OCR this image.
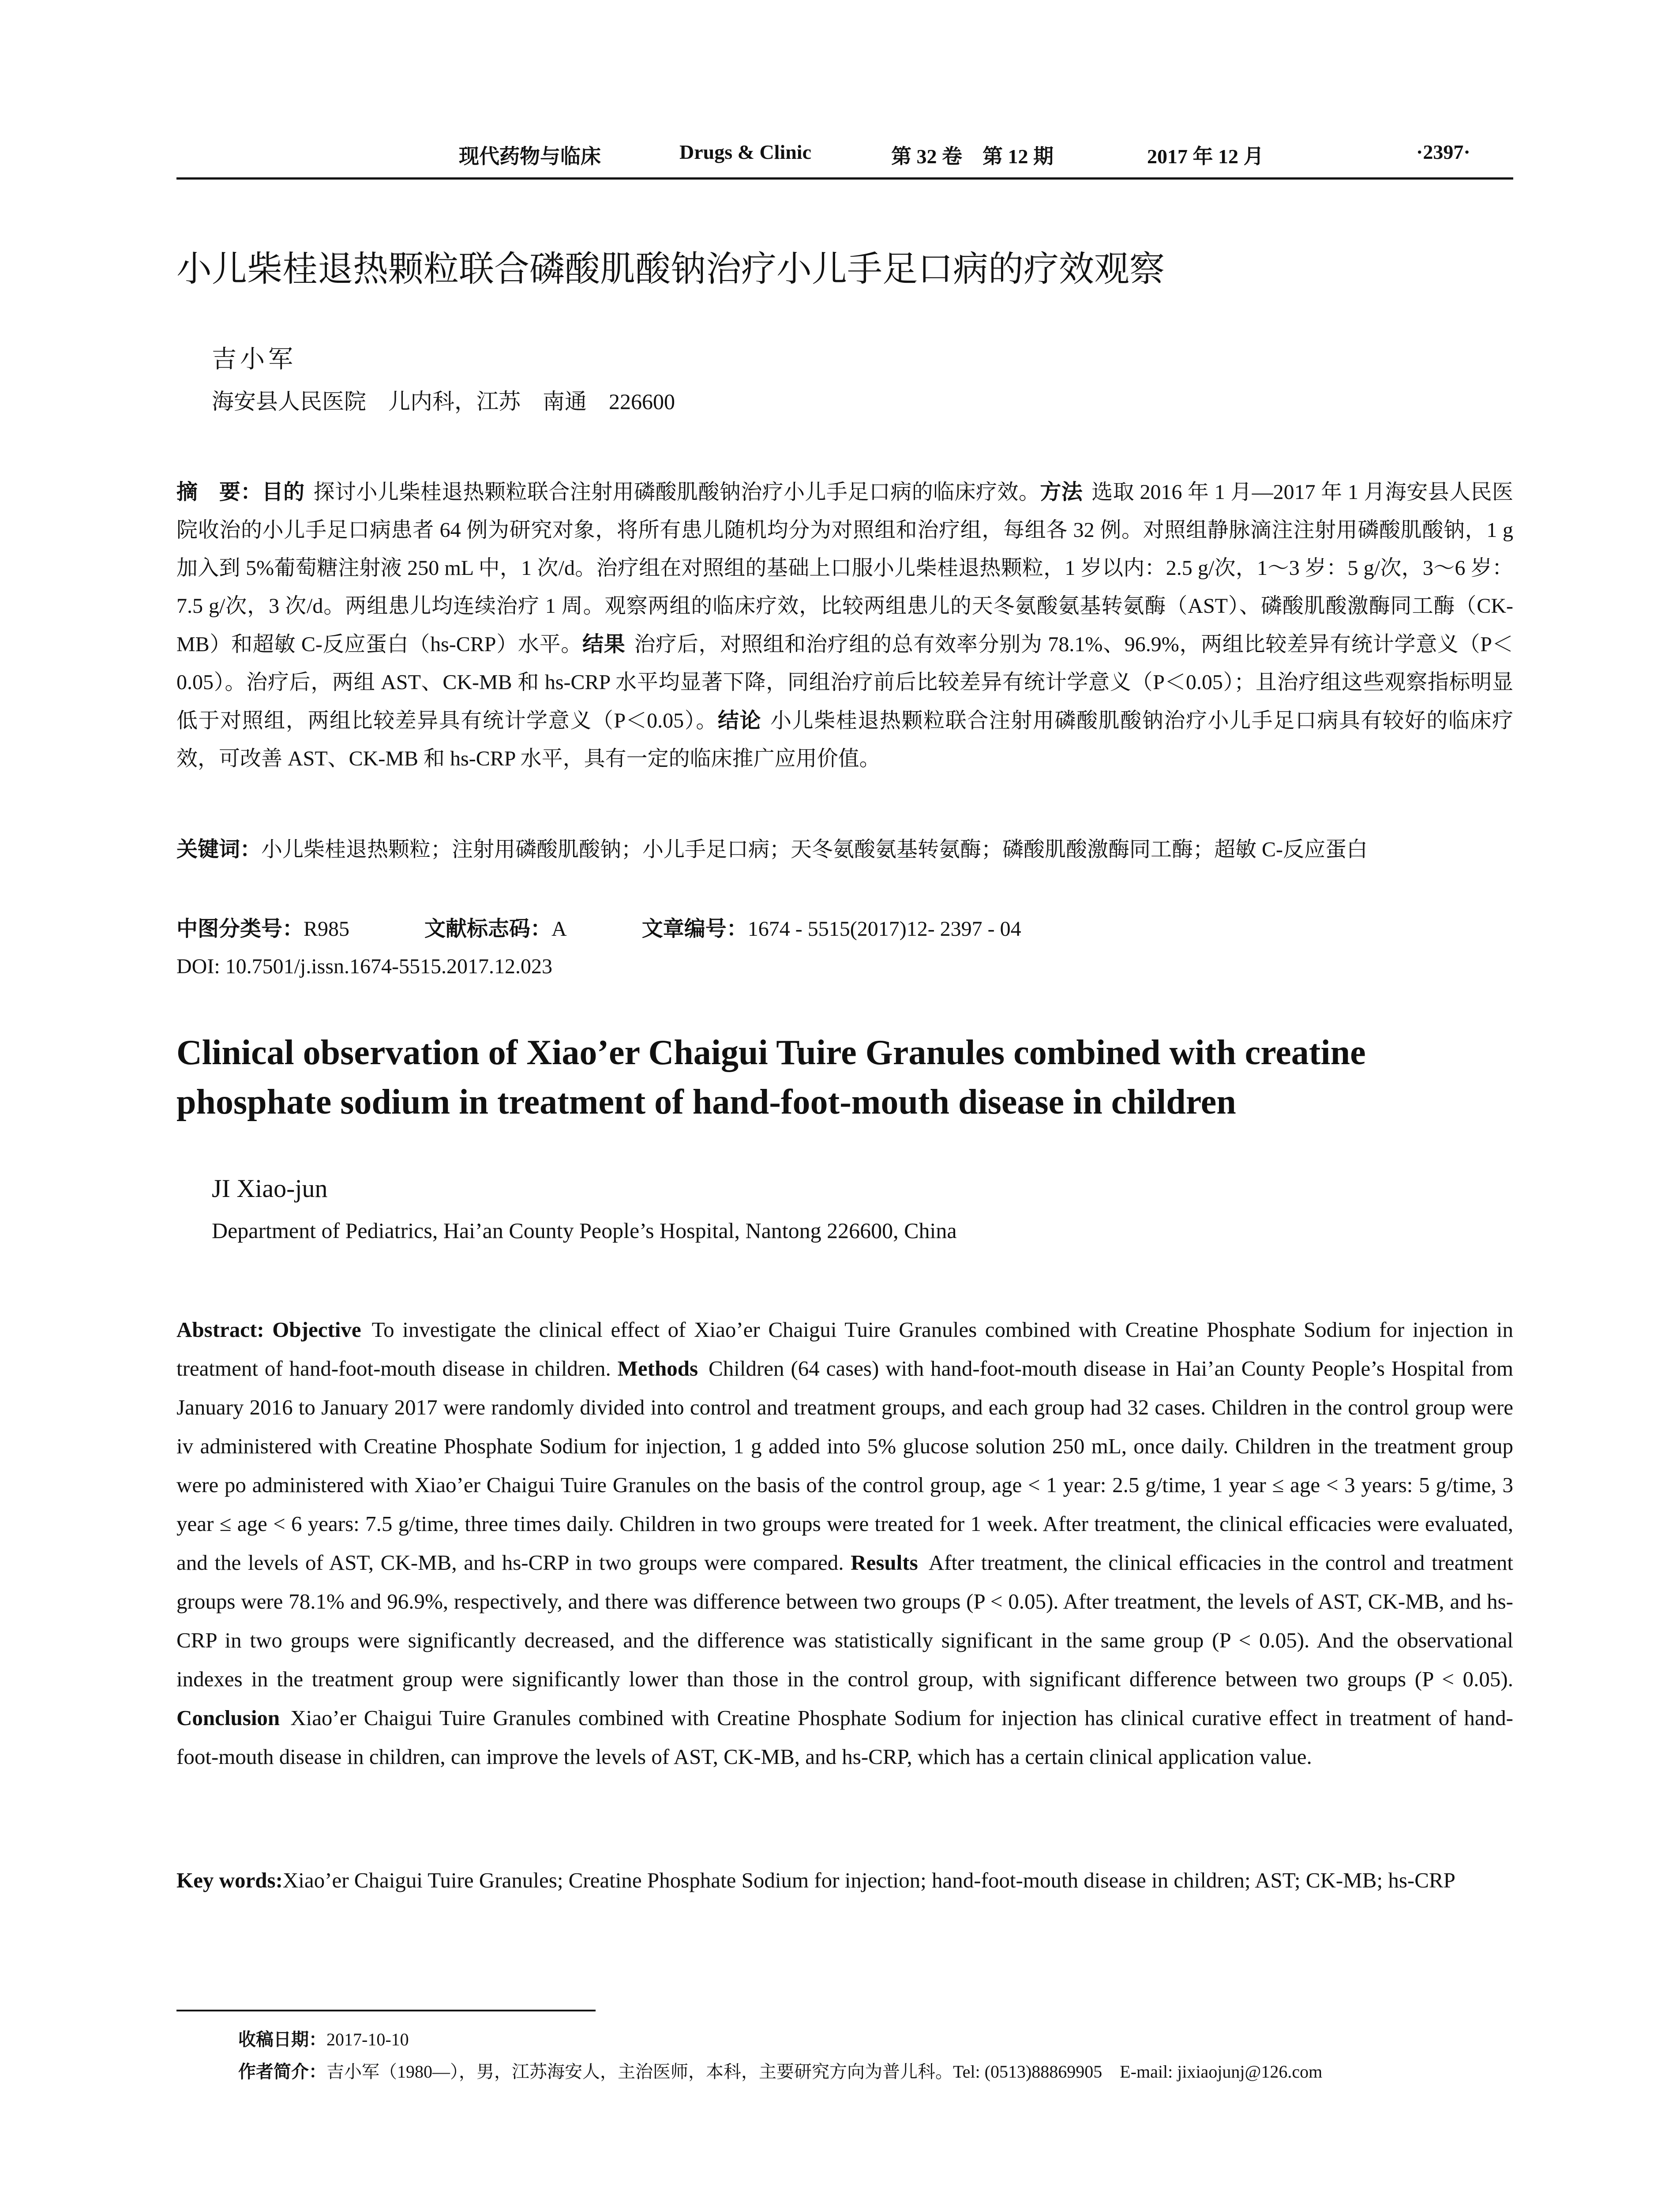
现代药物与临床	Drugs & Clinic	第 32 卷　第 12 期	2017 年 12 月	·2397·
小儿柴桂退热颗粒联合磷酸肌酸钠治疗小儿手足口病的疗效观察
吉小军
海安县人民医院　儿内科，江苏　南通　226600
摘　要：目的 探讨小儿柴桂退热颗粒联合注射用磷酸肌酸钠治疗小儿手足口病的临床疗效。方法 选取 2016 年 1 月—2017 年 1 月海安县人民医院收治的小儿手足口病患者 64 例为研究对象，将所有患儿随机均分为对照组和治疗组，每组各 32 例。对照组静脉滴注注射用磷酸肌酸钠，1 g 加入到 5%葡萄糖注射液 250 mL 中，1 次/d。治疗组在对照组的基础上口服小儿柴桂退热颗粒，1 岁以内：2.5 g/次，1～3 岁：5 g/次，3～6 岁：7.5 g/次，3 次/d。两组患儿均连续治疗 1 周。观察两组的临床疗效，比较两组患儿的天冬氨酸氨基转氨酶（AST）、磷酸肌酸激酶同工酶（CK-MB）和超敏 C-反应蛋白（hs-CRP）水平。结果 治疗后，对照组和治疗组的总有效率分别为 78.1%、96.9%，两组比较差异有统计学意义（P＜0.05）。治疗后，两组 AST、CK-MB 和 hs-CRP 水平均显著下降，同组治疗前后比较差异有统计学意义（P＜0.05）；且治疗组这些观察指标明显低于对照组，两组比较差异具有统计学意义（P＜0.05）。结论 小儿柴桂退热颗粒联合注射用磷酸肌酸钠治疗小儿手足口病具有较好的临床疗效，可改善 AST、CK-MB 和 hs-CRP 水平，具有一定的临床推广应用价值。
关键词：小儿柴桂退热颗粒；注射用磷酸肌酸钠；小儿手足口病；天冬氨酸氨基转氨酶；磷酸肌酸激酶同工酶；超敏 C-反应蛋白
中图分类号：R985	文献标志码：A	文章编号：1674 - 5515(2017)12- 2397 - 04
DOI: 10.7501/j.issn.1674-5515.2017.12.023
Clinical observation of Xiao’er Chaigui Tuire Granules combined with creatine phosphate sodium in treatment of hand-foot-mouth disease in children
JI Xiao-jun
Department of Pediatrics, Hai’an County People’s Hospital, Nantong 226600, China
Abstract: Objective To investigate the clinical effect of Xiao’er Chaigui Tuire Granules combined with Creatine Phosphate Sodium for injection in treatment of hand-foot-mouth disease in children. Methods Children (64 cases) with hand-foot-mouth disease in Hai’an County People’s Hospital from January 2016 to January 2017 were randomly divided into control and treatment groups, and each group had 32 cases. Children in the control group were iv administered with Creatine Phosphate Sodium for injection, 1 g added into 5% glucose solution 250 mL, once daily. Children in the treatment group were po administered with Xiao’er Chaigui Tuire Granules on the basis of the control group, age < 1 year: 2.5 g/time, 1 year ≤ age < 3 years: 5 g/time, 3 year ≤ age < 6 years: 7.5 g/time, three times daily. Children in two groups were treated for 1 week. After treatment, the clinical efficacies were evaluated, and the levels of AST, CK-MB, and hs-CRP in two groups were compared. Results After treatment, the clinical efficacies in the control and treatment groups were 78.1% and 96.9%, respectively, and there was difference between two groups (P < 0.05). After treatment, the levels of AST, CK-MB, and hs-CRP in two groups were significantly decreased, and the difference was statistically significant in the same group (P < 0.05). And the observational indexes in the treatment group were significantly lower than those in the control group, with significant difference between two groups (P < 0.05). Conclusion Xiao’er Chaigui Tuire Granules combined with Creatine Phosphate Sodium for injection has clinical curative effect in treatment of hand-foot-mouth disease in children, can improve the levels of AST, CK-MB, and hs-CRP, which has a certain clinical application value.
Key words:Xiao’er Chaigui Tuire Granules; Creatine Phosphate Sodium for injection; hand-foot-mouth disease in children; AST; CK-MB; hs-CRP
收稿日期：2017-10-10
作者简介：吉小军（1980—），男，江苏海安人，主治医师，本科，主要研究方向为普儿科。Tel: (0513)88869905　E-mail: jixiaojunj@126.com
